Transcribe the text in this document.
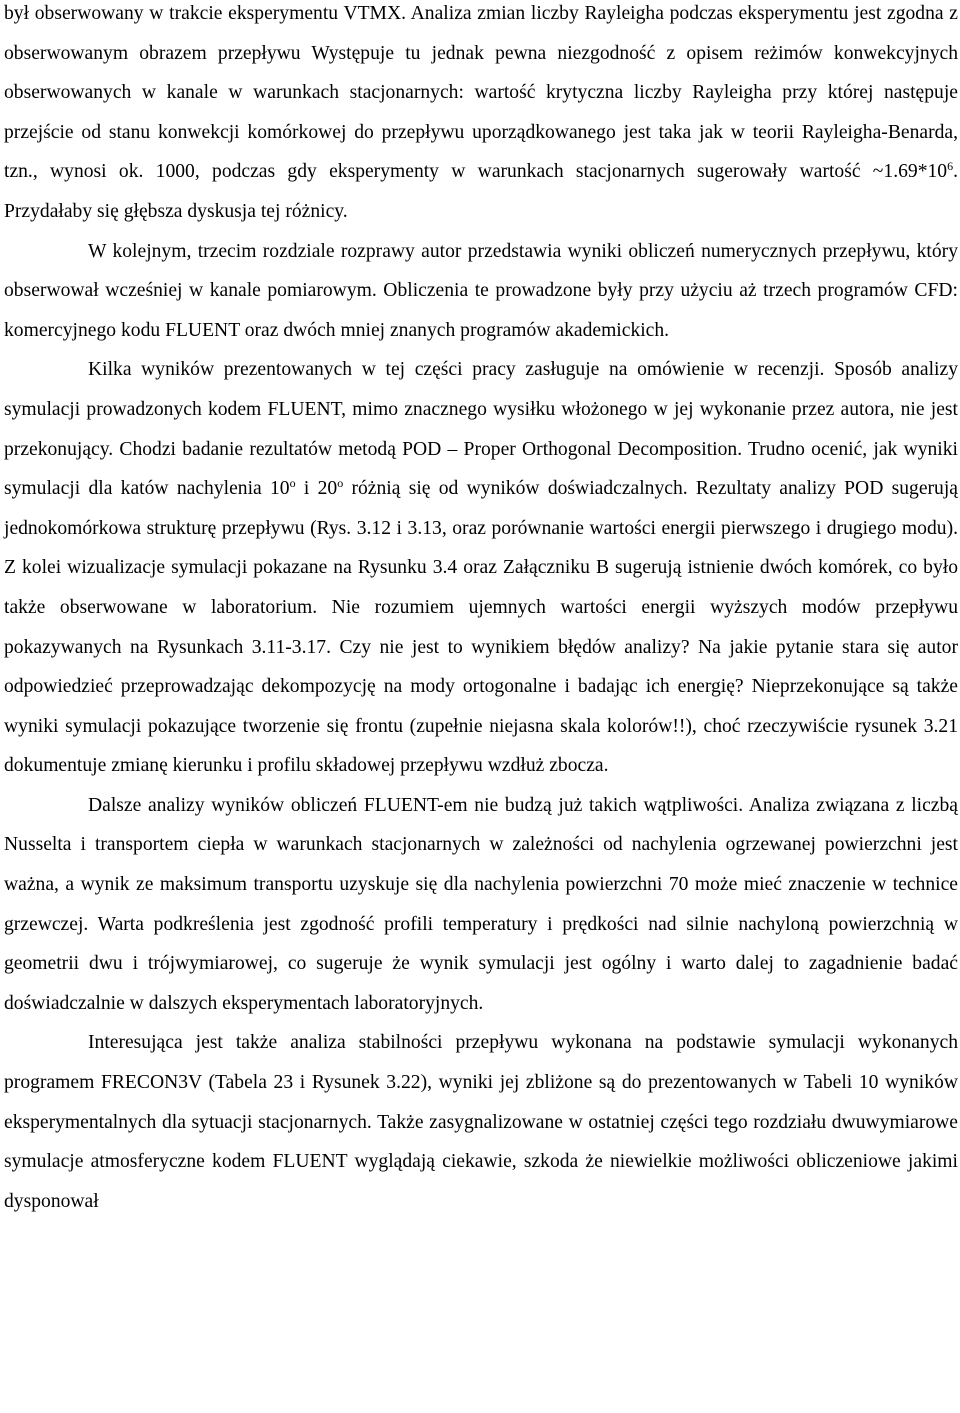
był obserwowany w trakcie eksperymentu VTMX. Analiza zmian liczby Rayleigha podczas eksperymentu jest zgodna z obserwowanym obrazem przepływu Występuje tu jednak pewna niezgodność z opisem reżimów konwekcyjnych obserwowanych w kanale w warunkach stacjonarnych: wartość krytyczna liczby Rayleigha przy której następuje przejście od stanu konwekcji komórkowej do przepływu uporządkowanego jest taka jak w teorii Rayleigha-Benarda, tzn., wynosi ok. 1000, podczas gdy eksperymenty w warunkach stacjonarnych sugerowały wartość $\sim 1.69*10^6$. Przydałaby się głębsza dyskusja tej różnicy.

W kolejnym, trzecim rozdziale rozprawy autor przedstawia wyniki obliczeń numerycznych przepływu, który obserwował wcześniej w kanale pomiarowym. Obliczenia te prowadzone były przy użyciu aż trzech programów CFD: komercyjnego kodu FLUENT oraz dwóch mniej znanych programów akademickich.

Kilka wyników prezentowanych w tej części pracy zasługuje na omówienie w recenzji. Sposób analizy symulacji prowadzonych kodem FLUENT, mimo znacznego wysiłku włożonego w jej wykonanie przez autora, nie jest przekonujący. Chodzi badanie rezultatów metodą POD – Proper Orthogonal Decomposition. Trudno ocenić, jak wyniki symulacji dla katów nachylenia 10$^o$ i 20$^o$ różnią się od wyników doświadczalnych. Rezultaty analizy POD sugerują jednokomórkowa strukturę przepływu (Rys. 3.12 i 3.13, oraz porównanie wartości energii pierwszego i drugiego modu). Z kolei wizualizacje symulacji pokazane na Rysunku 3.4 oraz Załączniku B sugerują istnienie dwóch komórek, co było także obserwowane w laboratorium. Nie rozumiem ujemnych wartości energii wyższych modów przepływu pokazywanych na Rysunkach 3.11-3.17. Czy nie jest to wynikiem błędów analizy? Na jakie pytanie stara się autor odpowiedzieć przeprowadzając dekompozycję na mody ortogonalne i badając ich energię? Nieprzekonujące są także wyniki symulacji pokazujące tworzenie się frontu (zupełnie niejasna skala kolorów!!), choć rzeczywiście rysunek 3.21 dokumentuje zmianę kierunku i profilu składowej przepływu wzdłuż zbocza.

Dalsze analizy wyników obliczeń FLUENT-em nie budzą już takich wątpliwości. Analiza związana z liczbą Nusselta i transportem ciepła w warunkach stacjonarnych w zależności od nachylenia ogrzewanej powierzchni jest ważna, a wynik ze maksimum transportu uzyskuje się dla nachylenia powierzchni 70 może mieć znaczenie w technice grzewczej. Warta podkreślenia jest zgodność profili temperatury i prędkości nad silnie nachyloną powierzchnią w geometrii dwu i trójwymiarowej, co sugeruje że wynik symulacji jest ogólny i warto dalej to zagadnienie badać doświadczalnie w dalszych eksperymentach laboratoryjnych.

Interesująca jest także analiza stabilności przepływu wykonana na podstawie symulacji wykonanych programem FRECON3V (Tabela 23 i Rysunek 3.22), wyniki jej zbliżone są do prezentowanych w Tabeli 10 wyników eksperymentalnych dla sytuacji stacjonarnych. Także zasygnalizowane w ostatniej części tego rozdziału dwuwymiarowe symulacje atmosferyczne kodem FLUENT wyglądają ciekawie, szkoda że niewielkie możliwości obliczeniowe jakimi dysponował
